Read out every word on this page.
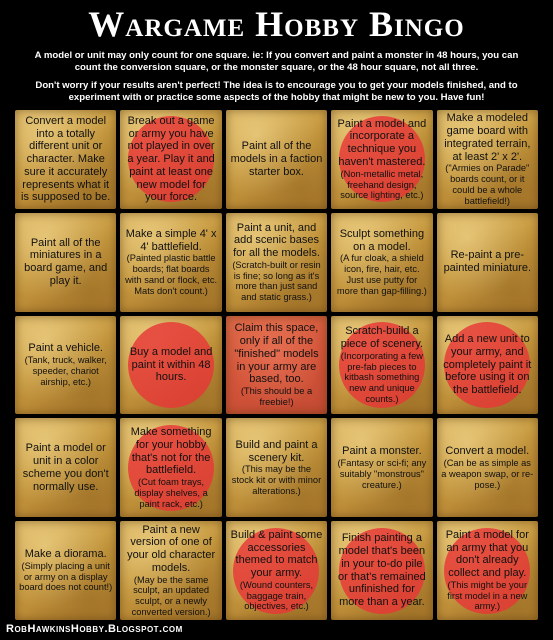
Wargame Hobby Bingo
A model or unit may only count for one square. ie: If you convert and paint a monster in 48 hours, you can count the conversion square, or the monster square, or the 48 hour square, not all three.
Don't worry if your results aren't perfect! The idea is to encourage you to get your models finished, and to experiment with or practice some aspects of the hobby that might be new to you. Have fun!
Convert a model into a totally different unit or character. Make sure it accurately represents what it is supposed to be.
Break out a game or army you have not played in over a year. Play it and paint at least one new model for your force.
Paint all of the models in a faction starter box.
Paint a model and incorporate a technique you haven't mastered.
(Non-metallic metal, freehand design, source lighting, etc.)
Make a modeled game board with integrated terrain, at least 2' x 2'.
("Armies on Parade" boards count, or it could be a whole battlefield!)
Paint all of the miniatures in a board game, and play it.
Make a simple 4' x 4' battlefield.
(Painted plastic battle boards; flat boards with sand or flock, etc. Mats don't count.)
Paint a unit, and add scenic bases for all the models.
(Scratch-built or resin is fine; so long as it's more than just sand and static grass.)
Sculpt something on a model.
(A fur cloak, a shield icon, fire, hair, etc. Just use putty for more than gap-filling.)
Re-paint a pre-painted miniature.
Paint a vehicle.
(Tank, truck, walker, speeder, chariot airship, etc.)
Buy a model and paint it within 48 hours.
Claim this space, only if all of the "finished" models in your army are based, too.
(This should be a freebie!)
Scratch-build a piece of scenery.
(Incorporating a few pre-fab pieces to kitbash something new and unique counts.)
Add a new unit to your army, and completely paint it before using it on the battlefield.
Paint a model or unit in a color scheme you don't normally use.
Make something for your hobby that's not for the battlefield.
(Cut foam trays, display shelves, a paint rack, etc.)
Build and paint a scenery kit.
(This may be the stock kit or with minor alterations.)
Paint a monster.
(Fantasy or sci-fi; any suitably "monstrous" creature.)
Convert a model.
(Can be as simple as a weapon swap, or re-pose.)
Make a diorama.
(Simply placing a unit or army on a display board does not count!)
Paint a new version of one of your old character models.
(May be the same sculpt, an updated sculpt, or a newly converted version.)
Build & paint some accessories themed to match your army.
(Wound counters, baggage train, objectives, etc.)
Finish painting a model that's been in your to-do pile or that's remained unfinished for more than a year.
Paint a model for an army that you don't already collect and play.
(This might be your first model in a new army.)
RobHawkinsHobby.Blogspot.com
